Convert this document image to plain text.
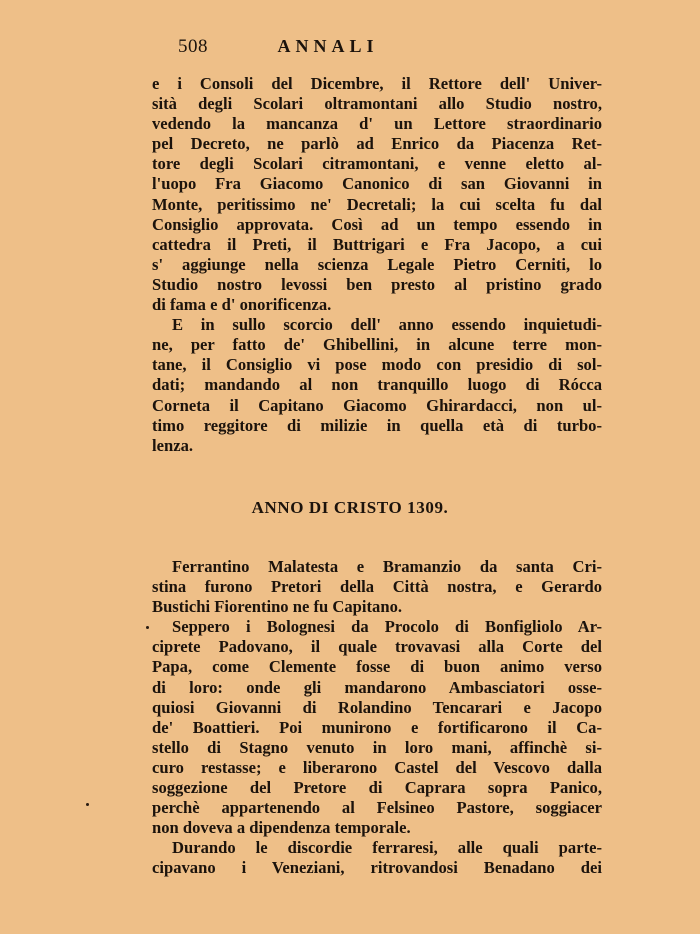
508	ANNALI
e i Consoli del Dicembre, il Rettore dell' Univer-
sità degli Scolari oltramontani allo Studio nostro,
vedendo la mancanza d' un Lettore straordinario
pel Decreto, ne parlò ad Enrico da Piacenza Ret-
tore degli Scolari citramontani, e venne eletto al-
l'uopo Fra Giacomo Canonico di san Giovanni in
Monte, peritissimo ne' Decretali; la cui scelta fu dal
Consiglio approvata. Così ad un tempo essendo in
cattedra il Preti, il Buttrigari e Fra Jacopo, a cui
s' aggiunge nella scienza Legale Pietro Cerniti, lo
Studio nostro levossi ben presto al pristino grado
di fama e d' onorificenza.
E in sullo scorcio dell' anno essendo inquietudi-
ne, per fatto de' Ghibellini, in alcune terre mon-
tane, il Consiglio vi pose modo con presidio di sol-
dati; mandando al non tranquillo luogo di Rócca
Corneta il Capitano Giacomo Ghirardacci, non ul-
timo reggitore di milizie in quella età di turbo-
lenza.
ANNO DI CRISTO 1309.
Ferrantino Malatesta e Bramanzio da santa Cri-
stina furono Pretori della Città nostra, e Gerardo
Bustichi Fiorentino ne fu Capitano.
Seppero i Bolognesi da Procolo di Bonfigliolo Ar-
ciprete Padovano, il quale trovavasi alla Corte del
Papa, come Clemente fosse di buon animo verso
di loro: onde gli mandarono Ambasciatori osse-
quiosi Giovanni di Rolandino Tencarari e Jacopo
de' Boattieri. Poi munirono e fortificarono il Ca-
stello di Stagno venuto in loro mani, affinchè si-
curo restasse; e liberarono Castel del Vescovo dalla
soggezione del Pretore di Caprara sopra Panico,
perchè appartenendo al Felsineo Pastore, soggiacer
non doveva a dipendenza temporale.
Durando le discordie ferraresi, alle quali parte-
cipavano i Veneziani, ritrovandosi Benadano dei
